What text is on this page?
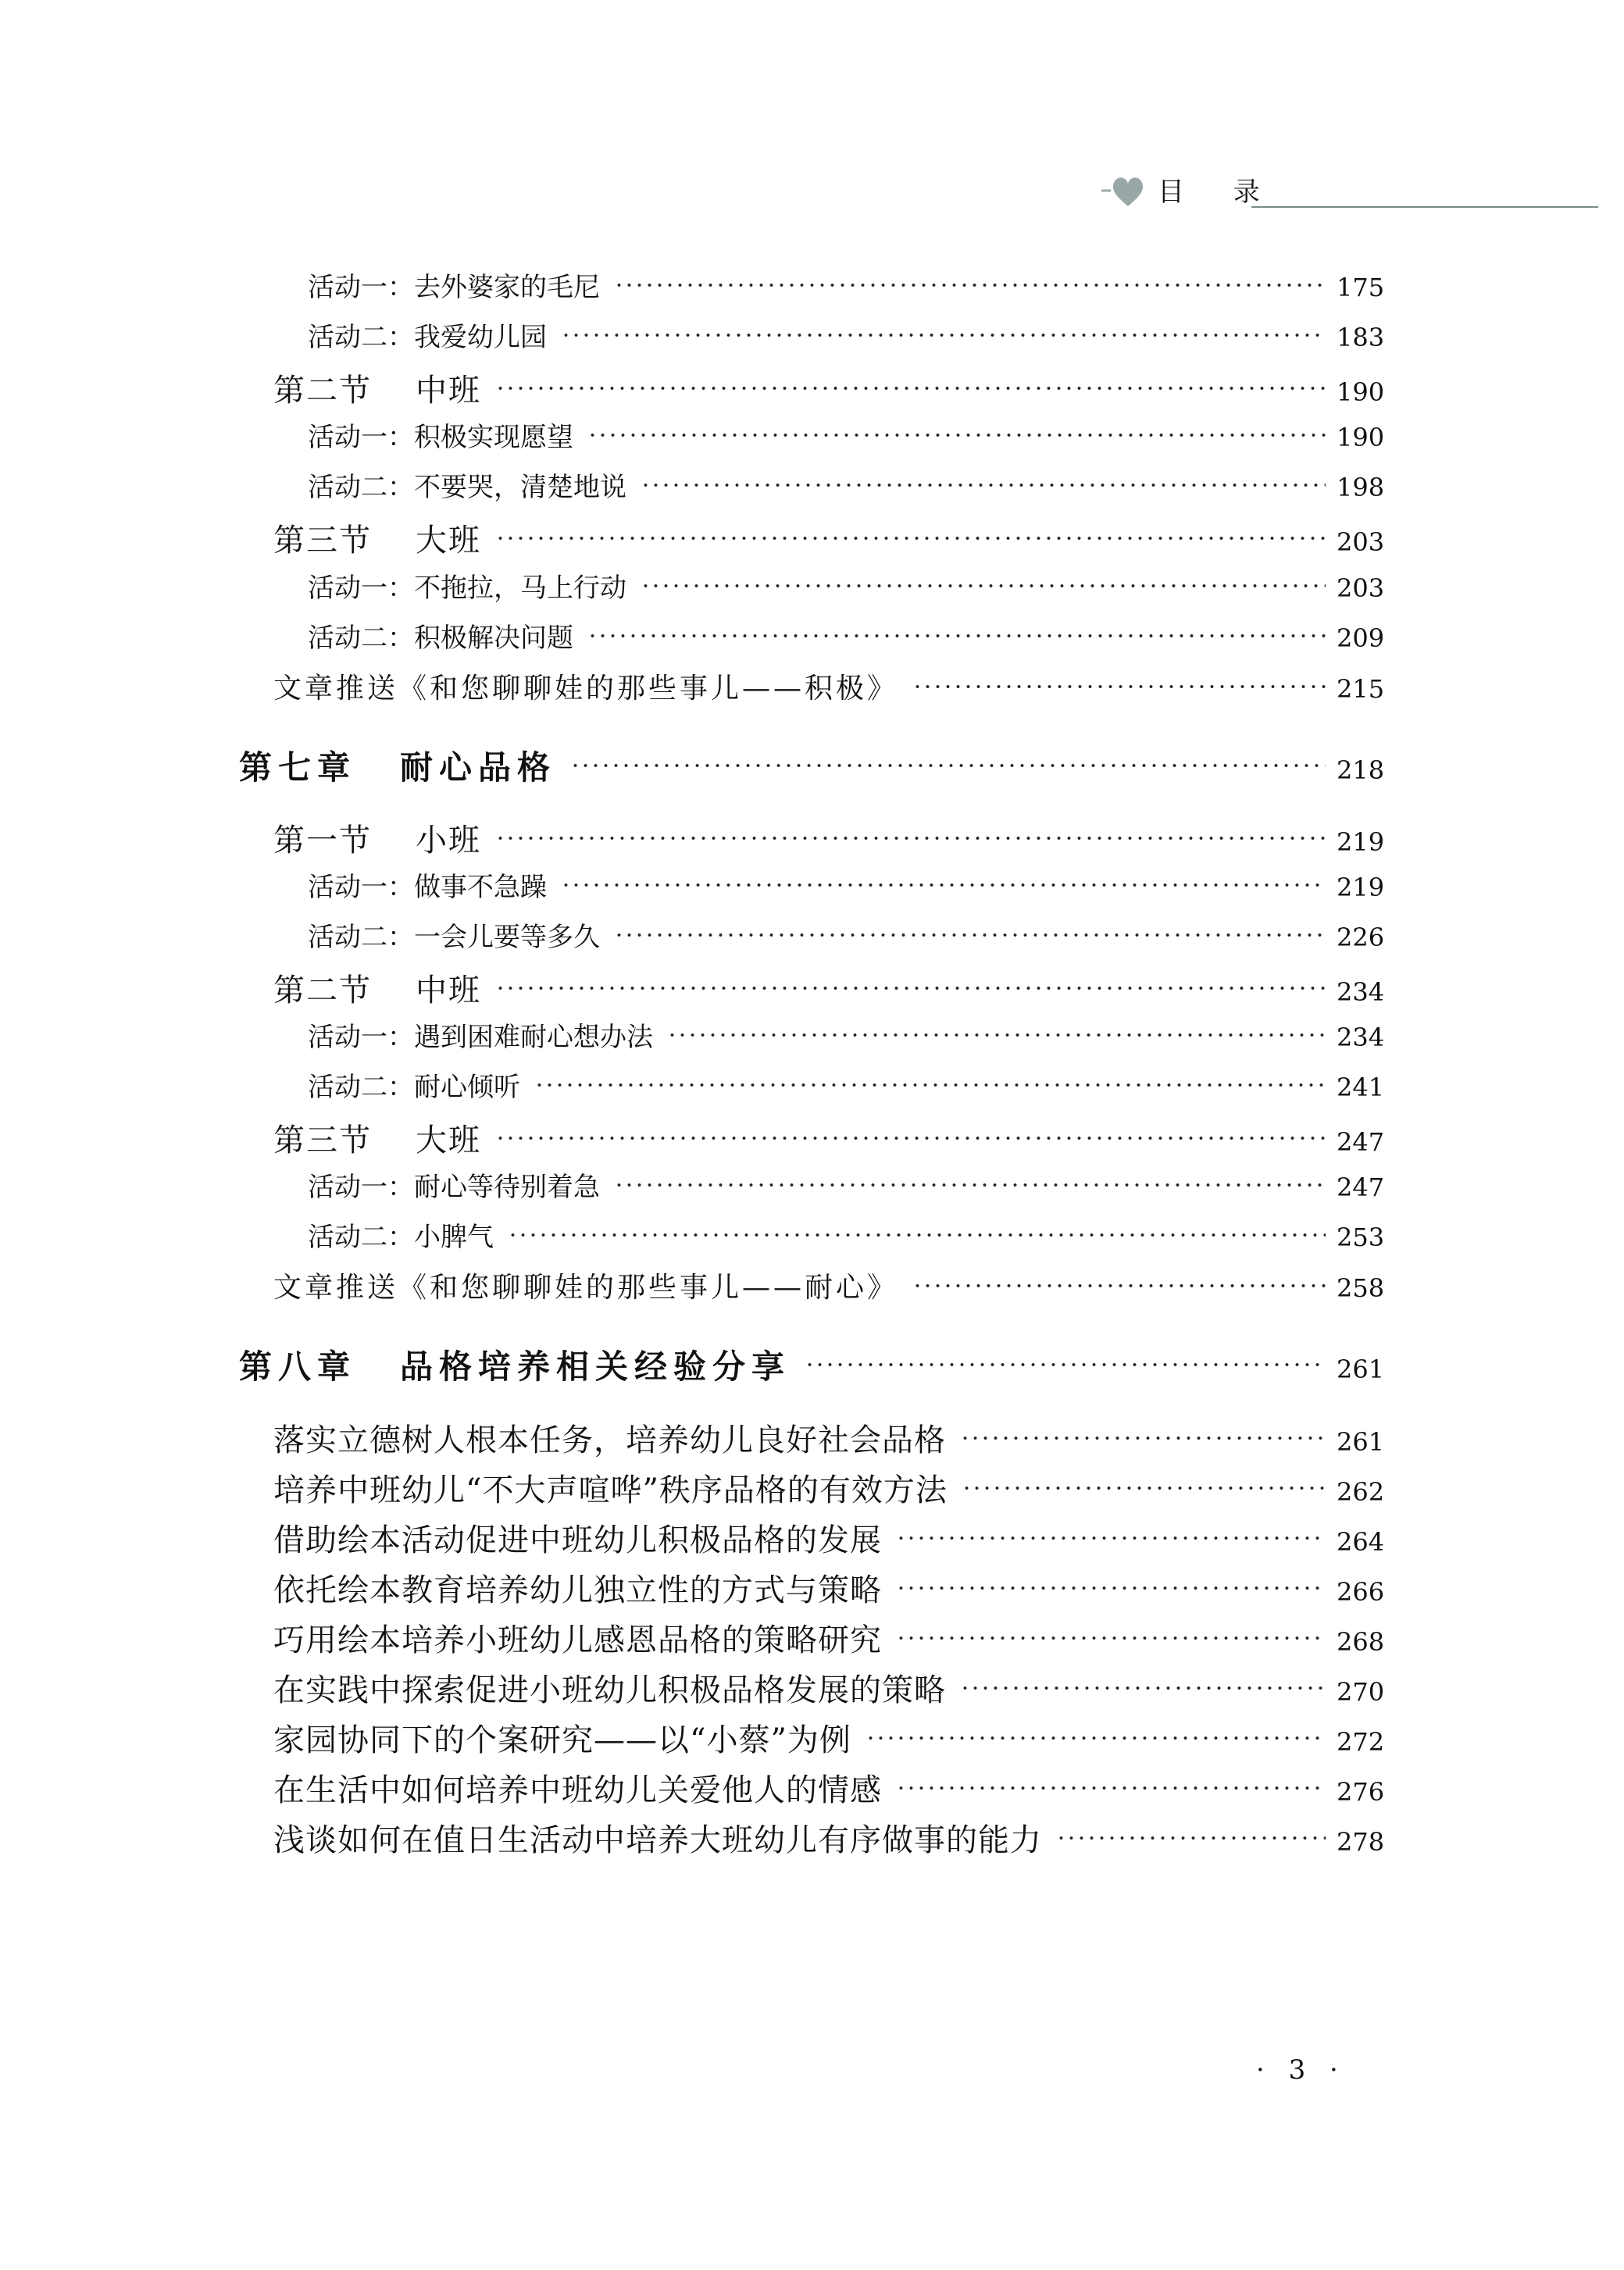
目 录
活动一：去外婆家的毛尼	175
活动二：我爱幼儿园	183
第二节 中班	190
活动一：积极实现愿望	190
活动二：不要哭，清楚地说	198
第三节 大班	203
活动一：不拖拉，马上行动	203
活动二：积极解决问题	209
文章推送《和您聊聊娃的那些事儿——积极》	215
第七章 耐心品格	218
第一节 小班	219
活动一：做事不急躁	219
活动二：一会儿要等多久	226
第二节 中班	234
活动一：遇到困难耐心想办法	234
活动二：耐心倾听	241
第三节 大班	247
活动一：耐心等待别着急	247
活动二：小脾气	253
文章推送《和您聊聊娃的那些事儿——耐心》	258
第八章 品格培养相关经验分享	261
落实立德树人根本任务，培养幼儿良好社会品格	261
培养中班幼儿“不大声喧哗”秩序品格的有效方法	262
借助绘本活动促进中班幼儿积极品格的发展	264
依托绘本教育培养幼儿独立性的方式与策略	266
巧用绘本培养小班幼儿感恩品格的策略研究	268
在实践中探索促进小班幼儿积极品格发展的策略	270
家园协同下的个案研究——以“小蔡”为例	272
在生活中如何培养中班幼儿关爱他人的情感	276
浅谈如何在值日生活动中培养大班幼儿有序做事的能力	278
· 3 ·
